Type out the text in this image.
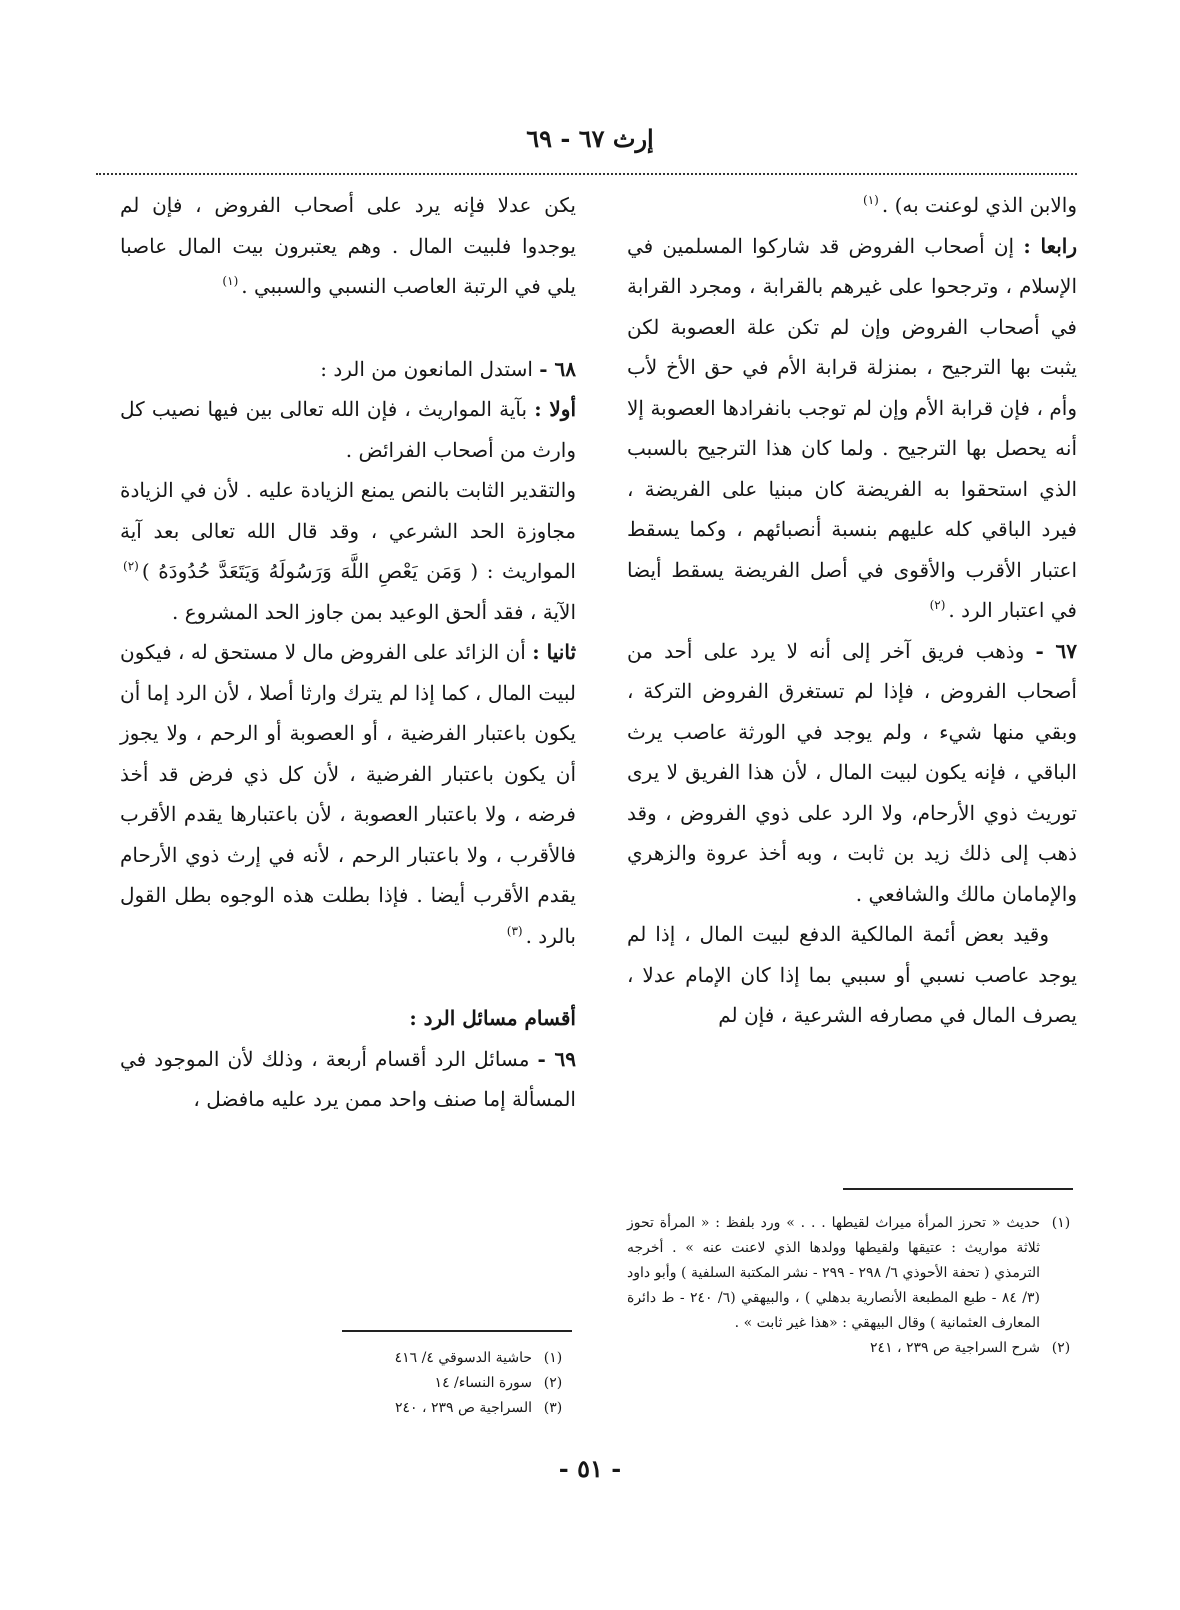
إرث ٦٧ - ٦٩

والابن الذي لوعنت به) .$^{(١)}$

رابعا : إن أصحاب الفروض قد شاركوا المسلمين في الإسلام ، وترجحوا على غيرهم بالقرابة ، ومجرد القرابة في أصحاب الفروض وإن لم تكن علة العصوبة لكن يثبت بها الترجيح ، بمنزلة قرابة الأم في حق الأخ لأب وأم ، فإن قرابة الأم وإن لم توجب بانفرادها العصوبة إلا أنه يحصل بها الترجيح . ولما كان هذا الترجيح بالسبب الذي استحقوا به الفريضة كان مبنيا على الفريضة ، فيرد الباقي كله عليهم بنسبة أنصبائهم ، وكما يسقط اعتبار الأقرب والأقوى في أصل الفريضة يسقط أيضا في اعتبار الرد .$^{(٢)}$

٦٧ - وذهب فريق آخر إلى أنه لا يرد على أحد من أصحاب الفروض ، فإذا لم تستغرق الفروض التركة ، وبقي منها شيء ، ولم يوجد في الورثة عاصب يرث الباقي ، فإنه يكون لبيت المال ، لأن هذا الفريق لا يرى توريث ذوي الأرحام، ولا الرد على ذوي الفروض ، وقد ذهب إلى ذلك زيد بن ثابت ، وبه أخذ عروة والزهري والإمامان مالك والشافعي .

وقيد بعض أئمة المالكية الدفع لبيت المال ، إذا لم يوجد عاصب نسبي أو سببي بما إذا كان الإمام عدلا ، يصرف المال في مصارفه الشرعية ، فإن لم

يكن عدلا فإنه يرد على أصحاب الفروض ، فإن لم يوجدوا فلبيت المال . وهم يعتبرون بيت المال عاصبا يلي في الرتبة العاصب النسبي والسببي .$^{(١)}$

٦٨ - استدل المانعون من الرد :

أولا : بآية المواريث ، فإن الله تعالى بين فيها نصيب كل وارث من أصحاب الفرائض .

والتقدير الثابت بالنص يمنع الزيادة عليه . لأن في الزيادة مجاوزة الحد الشرعي ، وقد قال الله تعالى بعد آية المواريث : ( وَمَن يَعْصِ اللَّهَ وَرَسُولَهُ وَيَتَعَدَّ حُدُودَهُ )$^{(٢)}$ الآية ، فقد ألحق الوعيد بمن جاوز الحد المشروع .

ثانيا : أن الزائد على الفروض مال لا مستحق له ، فيكون لبيت المال ، كما إذا لم يترك وارثا أصلا ، لأن الرد إما أن يكون باعتبار الفرضية ، أو العصوبة أو الرحم ، ولا يجوز أن يكون باعتبار الفرضية ، لأن كل ذي فرض قد أخذ فرضه ، ولا باعتبار العصوبة ، لأن باعتبارها يقدم الأقرب فالأقرب ، ولا باعتبار الرحم ، لأنه في إرث ذوي الأرحام يقدم الأقرب أيضا . فإذا بطلت هذه الوجوه بطل القول بالرد .$^{(٣)}$

أقسام مسائل الرد :

٦٩ - مسائل الرد أقسام أربعة ، وذلك لأن الموجود في المسألة إما صنف واحد ممن يرد عليه مافضل ،

(١)
حديث « تحرز المرأة ميراث لقيطها . . . » ورد بلفظ : « المرأة تحوز ثلاثة مواريث : عتيقها ولقيطها وولدها الذي لاعنت عنه » . أخرجه الترمذي ( تحفة الأحوذي ٦/ ٢٩٨ - ٢٩٩ - نشر المكتبة السلفية ) وأبو داود (٣/ ٨٤ - طبع المطبعة الأنصارية بدهلي ) ، والبيهقي (٦/ ٢٤٠ - ط دائرة المعارف العثمانية ) وقال البيهقي : «هذا غير ثابت » .
(٢)
شرح السراجية ص ٢٣٩ ، ٢٤١
(١)
حاشية الدسوقي ٤/ ٤١٦
(٢)
سورة النساء/ ١٤
(٣)
السراجية ص ٢٣٩ ، ٢٤٠
- ٥١ -
